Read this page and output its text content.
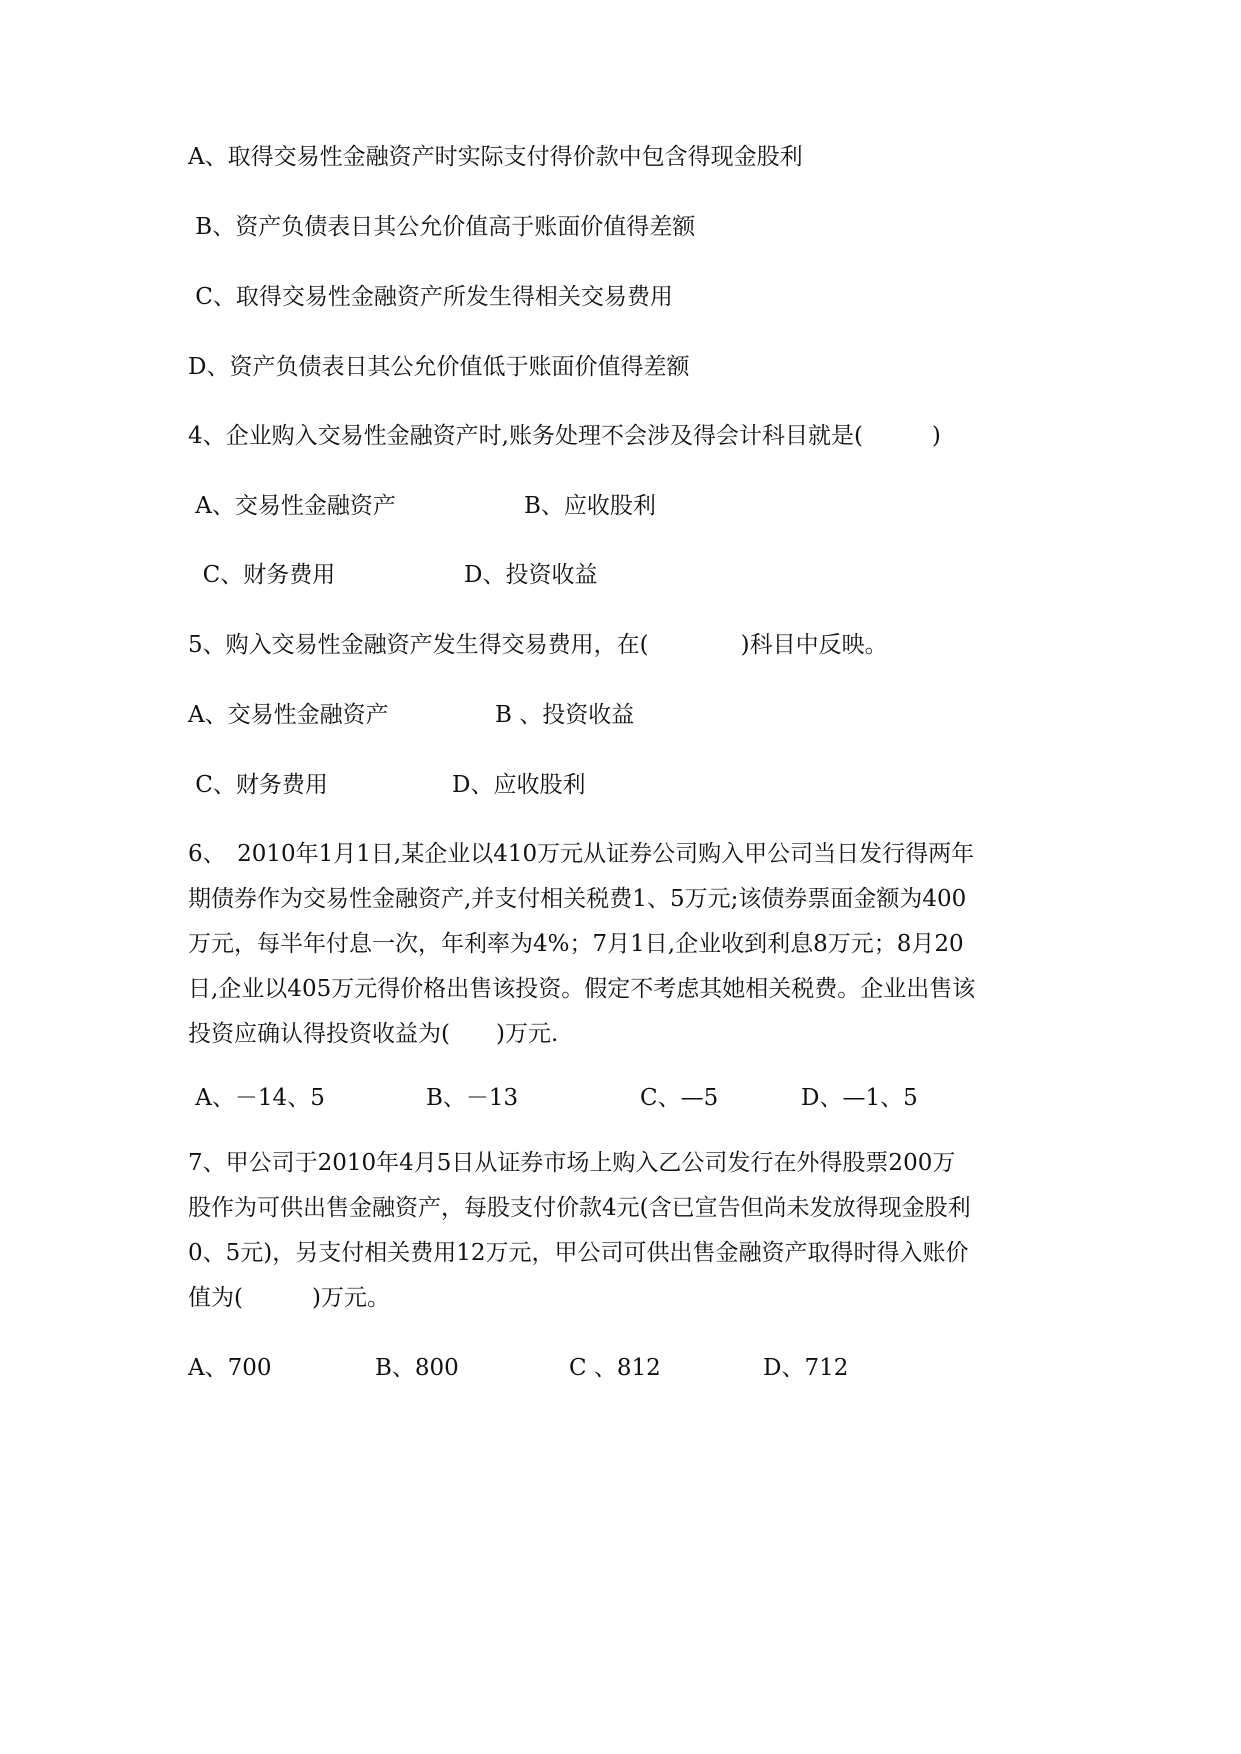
A、取得交易性金融资产时实际支付得价款中包含得现金股利
B、资产负债表日其公允价值高于账面价值得差额
C、取得交易性金融资产所发生得相关交易费用
D、资产负债表日其公允价值低于账面价值得差额
4、企业购入交易性金融资产时,账务处理不会涉及得会计科目就是(　　　)
A、交易性金融资产	B、应收股利
C、财务费用	D、投资收益
5、购入交易性金融资产发生得交易费用，在(　　　　)科目中反映。
A、交易性金融资产	B 、投资收益
C、财务费用	D、应收股利
6、　2010年1月1日,某企业以410万元从证券公司购入甲公司当日发行得两年
期债券作为交易性金融资产,并支付相关税费1、5万元;该债券票面金额为400
万元，每半年付息一次，年利率为4%；7月1日,企业收到利息8万元；8月20
日,企业以405万元得价格出售该投资。假定不考虑其她相关税费。企业出售该
投资应确认得投资收益为(　　)万元.
A、－14、5	B、－13	C、—5	D、—1、5
7、甲公司于2010年4月5日从证券市场上购入乙公司发行在外得股票200万
股作为可供出售金融资产，每股支付价款4元(含已宣告但尚未发放得现金股利
0、5元)，另支付相关费用12万元，甲公司可供出售金融资产取得时得入账价
值为(　　　)万元。
A、700	B、800	C 、812	D、712
